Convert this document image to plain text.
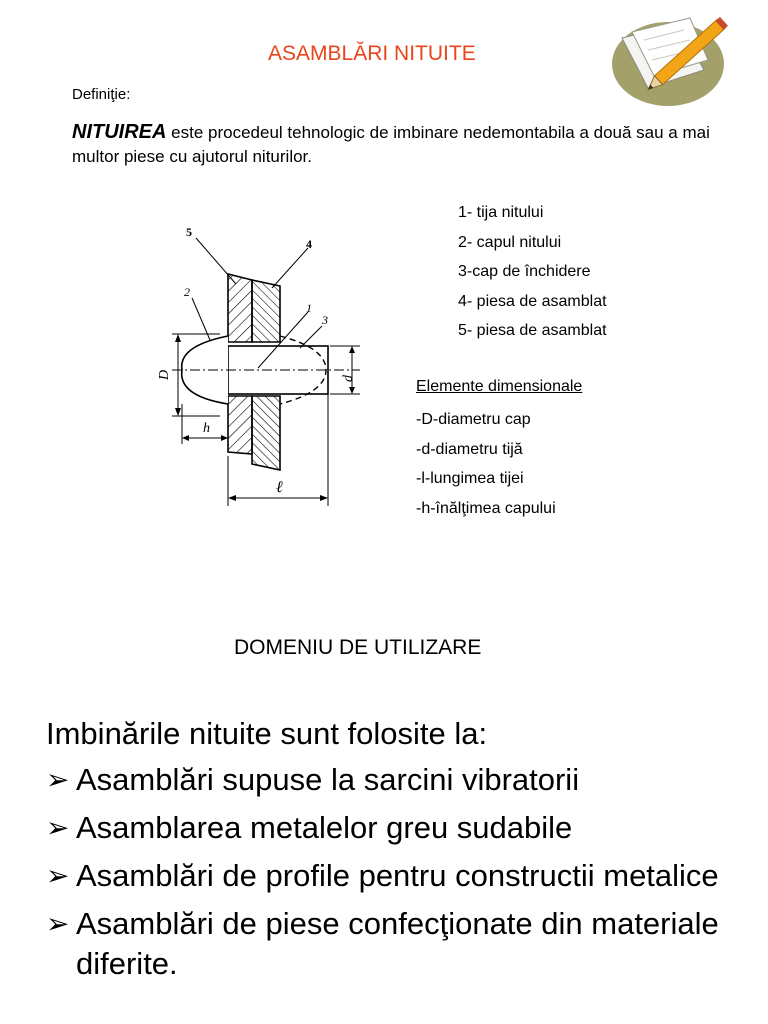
ASAMBLĂRI NITUITE
Definiţie:
NITUIREA este procedeul tehnologic de imbinare nedemontabila a două sau a mai multor piese cu ajutorul niturilor.
D	d
h
ℓ
5
4
2
1
3
1- tija nitului
2- capul nitului
3-cap de închidere
4- piesa de asamblat
5- piesa de asamblat
Elemente dimensionale
-D-diametru cap
-d-diametru tijă
-l-lungimea tijei
-h-înălţimea capului
DOMENIU DE UTILIZARE
Imbinările nituite sunt folosite la:
➢ Asamblări supuse la sarcini vibratorii
➢ Asamblarea metalelor greu sudabile
➢ Asamblări de profile pentru constructii metalice
➢ Asamblări de piese confecţionate din materiale diferite.
